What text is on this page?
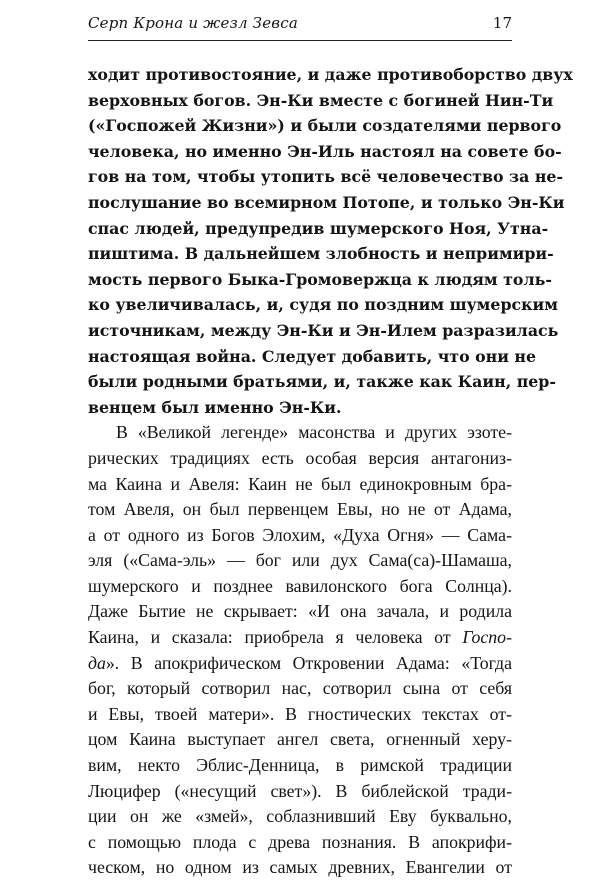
Серп Крона и жезл Зевса	17
ходит противостояние, и даже противоборство двух
верховных богов. Эн-Ки вместе с богиней Нин-Ти
(«Госпожей Жизни») и были создателями первого
человека, но именно Эн-Иль настоял на совете бо-
гов на том, чтобы утопить всё человечество за не-
послушание во всемирном Потопе, и только Эн-Ки
спас людей, предупредив шумерского Ноя, Утна-
пиштима. В дальнейшем злобность и непримири-
мость первого Быка-Громовержца к людям толь-
ко увеличивалась, и, судя по поздним шумерским
источникам, между Эн-Ки и Эн-Илем разразилась
настоящая война. Следует добавить, что они не
были родными братьями, и, также как Каин, пер-
венцем был именно Эн-Ки.
В «Великой легенде» масонства и других эзоте-
рических традициях есть особая версия антагониз-
ма Каина и Авеля: Каин не был единокровным бра-
том Авеля, он был первенцем Евы, но не от Адама,
а от одного из Богов Элохим, «Духа Огня» — Сама-
эля («Сама-эль» — бог или дух Сама(са)-Шамаша,
шумерского и позднее вавилонского бога Солнца).
Даже Бытие не скрывает: «И она зачала, и родила
Каина, и сказала: приобрела я человека от Госпо-
да». В апокрифическом Откровении Адама: «Тогда
бог, который сотворил нас, сотворил сына от себя
и Евы, твоей матери». В гностических текстах от-
цом Каина выступает ангел света, огненный херу-
вим, некто Эблис-Денница, в римской традиции
Люцифер («несущий свет»). В библейской тради-
ции он же «змей», соблазнивший Еву буквально,
с помощью плода с древа познания. В апокрифи-
ческом, но одном из самых древних, Евангелии от
